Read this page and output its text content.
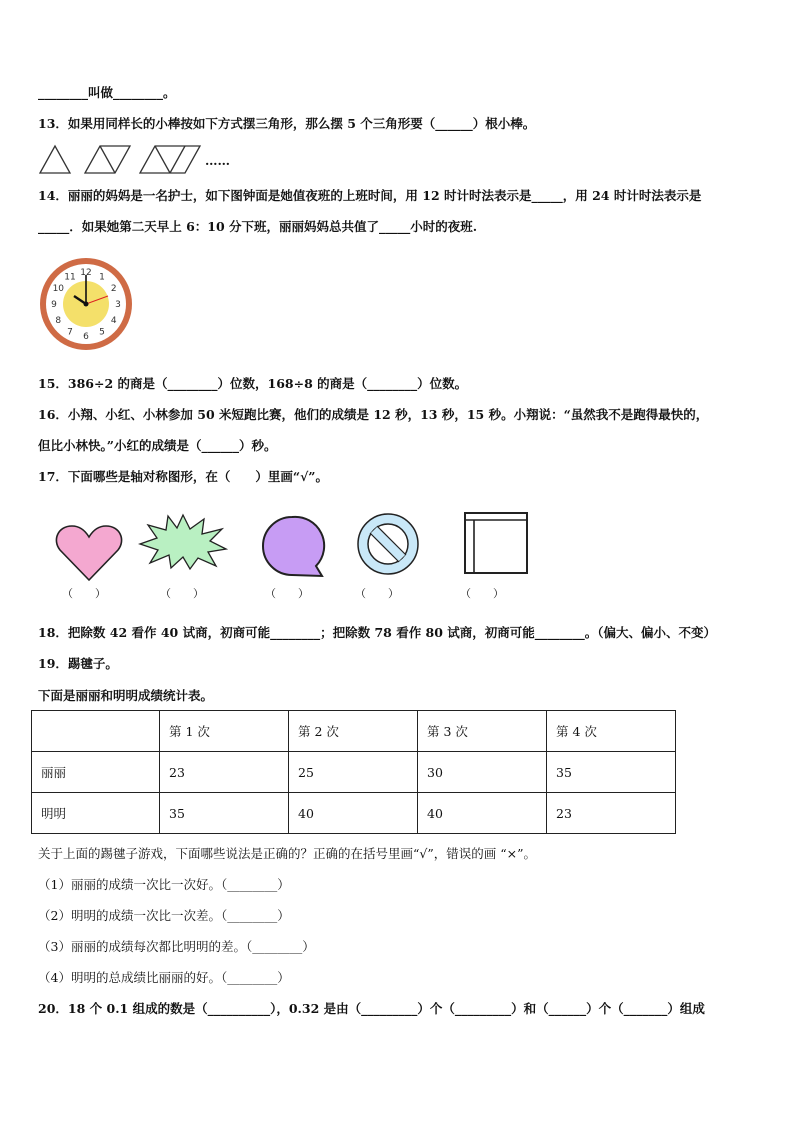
________叫做________。
13．如果用同样长的小棒按如下方式摆三角形，那么摆 5 个三角形要（______）根小棒。
……
14．丽丽的妈妈是一名护士，如下图钟面是她值夜班的上班时间，用 12 时计时法表示是_____，用 24 时计时法表示是
_____．如果她第二天早上 6：10 分下班，丽丽妈妈总共值了_____小时的夜班.
12 1
2
3
4
5
6
7
8
9
10
11
15．386÷2 的商是（________）位数，168÷8 的商是（________）位数。
16．小翔、小红、小林参加 50 米短跑比赛，他们的成绩是 12 秒，13 秒，15 秒。小翔说：“虽然我不是跑得最快的，
但比小林快。”小红的成绩是（______）秒。
17．下面哪些是轴对称图形，在（　　）里画“√”。
（　　）	（　　）	（　　）	（　　）	（　　）
18．把除数 42 看作 40 试商，初商可能________；把除数 78 看作 80 试商，初商可能________。（偏大、偏小、不变）
19．踢毽子。
下面是丽丽和明明成绩统计表。
	第 1 次	第 2 次	第 3 次	第 4 次
丽丽	23	25	30	35
明明	35	40	40	23
关于上面的踢毽子游戏，下面哪些说法是正确的？正确的在括号里画“√”，错误的画 “×”。
（1）丽丽的成绩一次比一次好。（________）
（2）明明的成绩一次比一次差。（________）
（3）丽丽的成绩每次都比明明的差。（________）
（4）明明的总成绩比丽丽的好。（________）
20．18 个 0.1 组成的数是（__________），0.32 是由（_________）个（_________）和（______）个（_______）组成
